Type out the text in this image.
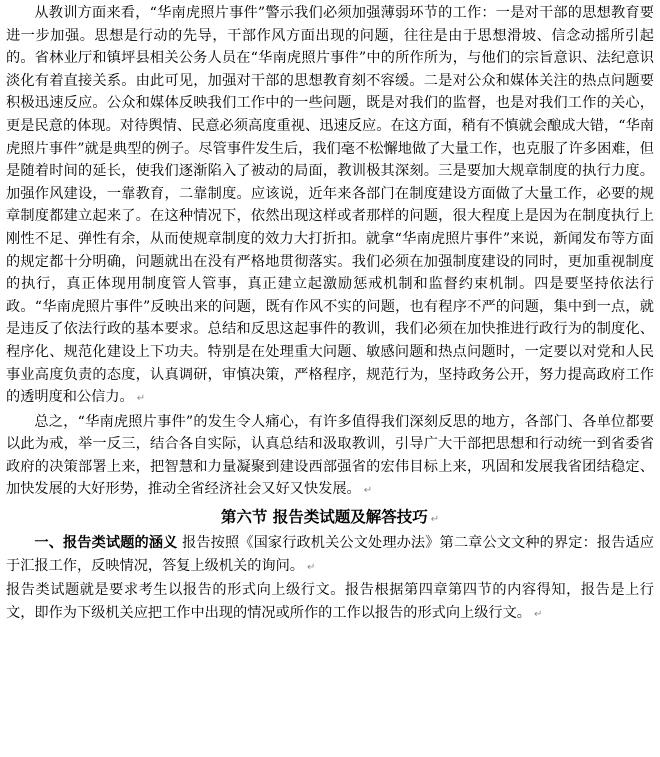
从教训方面来看，“华南虎照片事件”警示我们必须加强薄弱环节的工作：一是对干部的思想教育要进一步加强。思想是行动的先导，干部作风方面出现的问题，往往是由于思想滑坡、信念动摇所引起的。省林业厅和镇坪县相关公务人员在“华南虎照片事件”中的所作所为，与他们的宗旨意识、法纪意识淡化有着直接关系。由此可见，加强对干部的思想教育刻不容缓。二是对公众和媒体关注的热点问题要积极迅速反应。公众和媒体反映我们工作中的一些问题，既是对我们的监督，也是对我们工作的关心，更是民意的体现。对待舆情、民意必须高度重视、迅速反应。在这方面，稍有不慎就会酿成大错，“华南虎照片事件”就是典型的例子。尽管事件发生后，我们毫不松懈地做了大量工作，也克服了许多困难，但是随着时间的延长，使我们逐渐陷入了被动的局面，教训极其深刻。三是要加大规章制度的执行力度。加强作风建设，一靠教育，二靠制度。应该说，近年来各部门在制度建设方面做了大量工作，必要的规章制度都建立起来了。在这种情况下，依然出现这样或者那样的问题，很大程度上是因为在制度执行上刚性不足、弹性有余，从而使规章制度的效力大打折扣。就拿“华南虎照片事件”来说，新闻发布等方面的规定都十分明确，问题就出在没有严格地贯彻落实。我们必须在加强制度建设的同时，更加重视制度的执行，真正体现用制度管人管事，真正建立起激励惩戒机制和监督约束机制。四是要坚持依法行政。“华南虎照片事件”反映出来的问题，既有作风不实的问题，也有程序不严的问题，集中到一点，就是违反了依法行政的基本要求。总结和反思这起事件的教训，我们必须在加快推进行政行为的制度化、程序化、规范化建设上下功夫。特别是在处理重大问题、敏感问题和热点问题时，一定要以对党和人民事业高度负责的态度，认真调研，审慎决策，严格程序，规范行为，坚持政务公开，努力提高政府工作的透明度和公信力。 ↵

总之，“华南虎照片事件”的发生令人痛心，有许多值得我们深刻反思的地方，各部门、各单位都要以此为戒，举一反三，结合各自实际，认真总结和汲取教训，引导广大干部把思想和行动统一到省委省政府的决策部署上来，把智慧和力量凝聚到建设西部强省的宏伟目标上来，巩固和发展我省团结稳定、加快发展的大好形势，推动全省经济社会又好又快发展。 ↵

第六节 报告类试题及解答技巧 ↵

一、报告类试题的涵义 报告按照《国家行政机关公文处理办法》第二章公文文种的界定：报告适应于汇报工作，反映情况，答复上级机关的询问。 ↵

报告类试题就是要求考生以报告的形式向上级行文。报告根据第四章第四节的内容得知，报告是上行文，即作为下级机关应把工作中出现的情况或所作的工作以报告的形式向上级行文。 ↵
